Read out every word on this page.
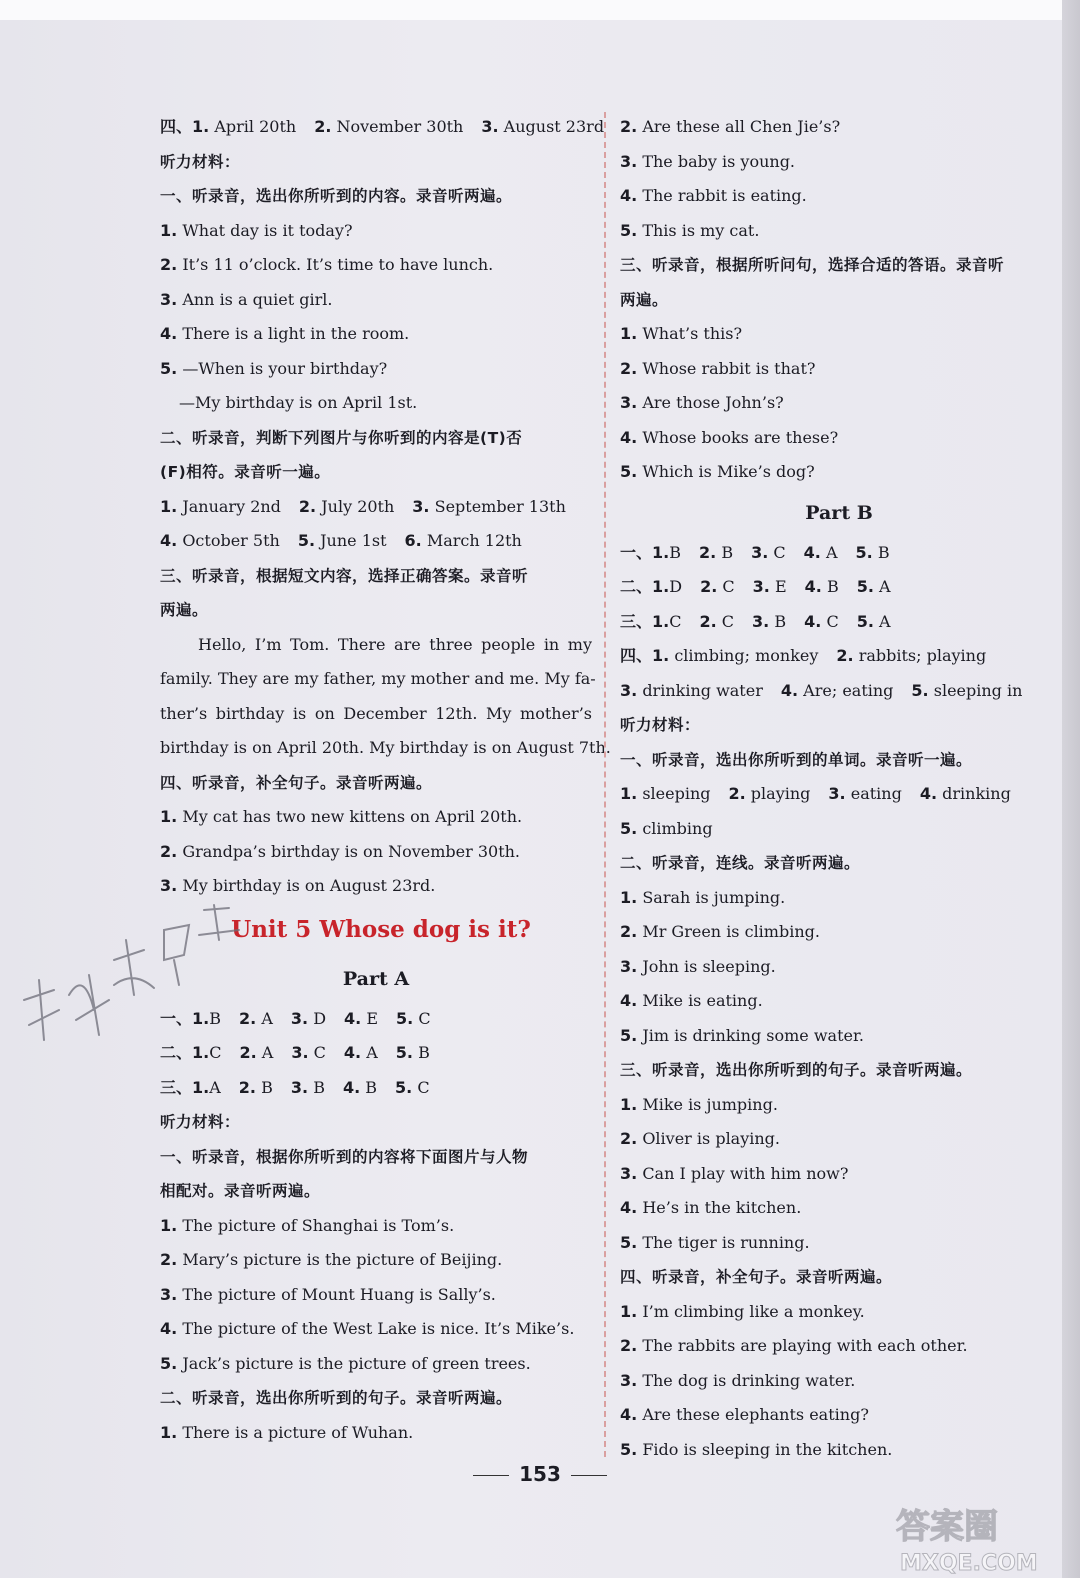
四、1. April 20th 2. November 30th 3. August 23rd
听力材料：
一、听录音，选出你所听到的内容。录音听两遍。
1. What day is it today?
2. It’s 11 o’clock. It’s time to have lunch.
3. Ann is a quiet girl.
4. There is a light in the room.
5. —When is your birthday?
—My birthday is on April 1st.
二、听录音，判断下列图片与你听到的内容是(T)否
(F)相符。录音听一遍。
1. January 2nd 2. July 20th 3. September 13th
4. October 5th 5. June 1st 6. March 12th
三、听录音，根据短文内容，选择正确答案。录音听
两遍。
Hello, I’m Tom. There are three people in my
family. They are my father, my mother and me. My fa-
ther’s birthday is on December 12th. My mother’s
birthday is on April 20th. My birthday is on August 7th.
四、听录音，补全句子。录音听两遍。
1. My cat has two new kittens on April 20th.
2. Grandpa’s birthday is on November 30th.
3. My birthday is on August 23rd.
Unit 5 Whose dog is it?
Part A
一、1.B 2. A 3. D 4. E 5. C
二、1.C 2. A 3. C 4. A 5. B
三、1.A 2. B 3. B 4. B 5. C
听力材料：
一、听录音，根据你所听到的内容将下面图片与人物
相配对。录音听两遍。
1. The picture of Shanghai is Tom’s.
2. Mary’s picture is the picture of Beijing.
3. The picture of Mount Huang is Sally’s.
4. The picture of the West Lake is nice. It’s Mike’s.
5. Jack’s picture is the picture of green trees.
二、听录音，选出你所听到的句子。录音听两遍。
1. There is a picture of Wuhan.
2. Are these all Chen Jie’s?
3. The baby is young.
4. The rabbit is eating.
5. This is my cat.
三、听录音，根据所听问句，选择合适的答语。录音听
两遍。
1. What’s this?
2. Whose rabbit is that?
3. Are those John’s?
4. Whose books are these?
5. Which is Mike’s dog?
Part B
一、1.B 2. B 3. C 4. A 5. B
二、1.D 2. C 3. E 4. B 5. A
三、1.C 2. C 3. B 4. C 5. A
四、1. climbing; monkey 2. rabbits; playing
3. drinking water 4. Are; eating 5. sleeping in
听力材料：
一、听录音，选出你所听到的单词。录音听一遍。
1. sleeping 2. playing 3. eating 4. drinking
5. climbing
二、听录音，连线。录音听两遍。
1. Sarah is jumping.
2. Mr Green is climbing.
3. John is sleeping.
4. Mike is eating.
5. Jim is drinking some water.
三、听录音，选出你所听到的句子。录音听两遍。
1. Mike is jumping.
2. Oliver is playing.
3. Can I play with him now?
4. He’s in the kitchen.
5. The tiger is running.
四、听录音，补全句子。录音听两遍。
1. I’m climbing like a monkey.
2. The rabbits are playing with each other.
3. The dog is drinking water.
4. Are these elephants eating?
5. Fido is sleeping in the kitchen.
153
答案圈
MXQE.COM
